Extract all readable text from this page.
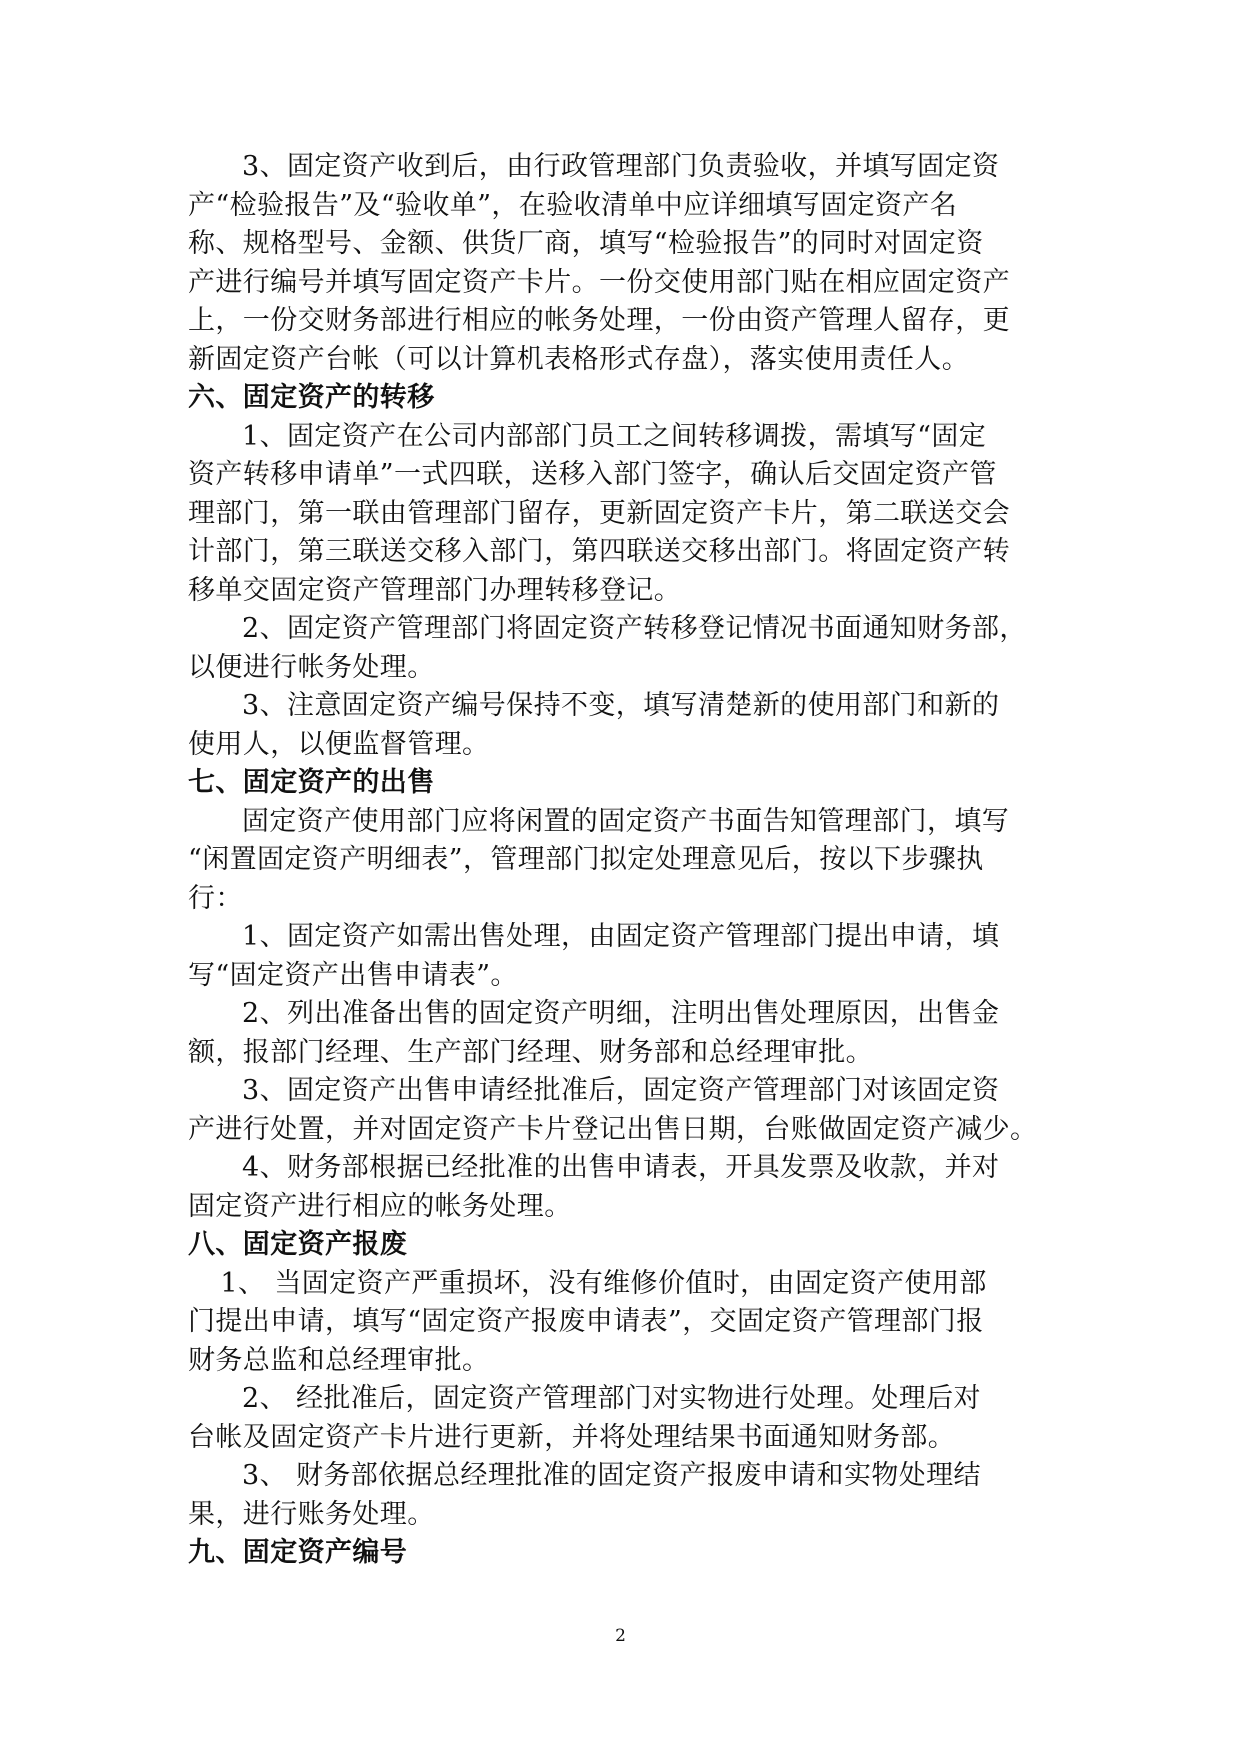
3、固定资产收到后，由行政管理部门负责验收，并填写固定资
产“检验报告”及“验收单”，在验收清单中应详细填写固定资产名
称、规格型号、金额、供货厂商，填写“检验报告”的同时对固定资
产进行编号并填写固定资产卡片。一份交使用部门贴在相应固定资产
上，一份交财务部进行相应的帐务处理，一份由资产管理人留存，更
新固定资产台帐（可以计算机表格形式存盘），落实使用责任人。
六、固定资产的转移
1、固定资产在公司内部部门员工之间转移调拨，需填写“固定
资产转移申请单”一式四联，送移入部门签字，确认后交固定资产管
理部门，第一联由管理部门留存，更新固定资产卡片，第二联送交会
计部门，第三联送交移入部门，第四联送交移出部门。将固定资产转
移单交固定资产管理部门办理转移登记。
2、固定资产管理部门将固定资产转移登记情况书面通知财务部，
以便进行帐务处理。
3、注意固定资产编号保持不变，填写清楚新的使用部门和新的
使用人，以便监督管理。
七、固定资产的出售
固定资产使用部门应将闲置的固定资产书面告知管理部门，填写
“闲置固定资产明细表”，管理部门拟定处理意见后，按以下步骤执
行：
1、固定资产如需出售处理，由固定资产管理部门提出申请，填
写“固定资产出售申请表”。
2、列出准备出售的固定资产明细，注明出售处理原因，出售金
额，报部门经理、生产部门经理、财务部和总经理审批。
3、固定资产出售申请经批准后，固定资产管理部门对该固定资
产进行处置，并对固定资产卡片登记出售日期，台账做固定资产减少。
4、财务部根据已经批准的出售申请表，开具发票及收款，并对
固定资产进行相应的帐务处理。
八、固定资产报废
1、 当固定资产严重损坏，没有维修价值时，由固定资产使用部
门提出申请，填写“固定资产报废申请表”，交固定资产管理部门报
财务总监和总经理审批。
2、 经批准后，固定资产管理部门对实物进行处理。处理后对
台帐及固定资产卡片进行更新，并将处理结果书面通知财务部。
3、 财务部依据总经理批准的固定资产报废申请和实物处理结
果，进行账务处理。
九、固定资产编号
2
